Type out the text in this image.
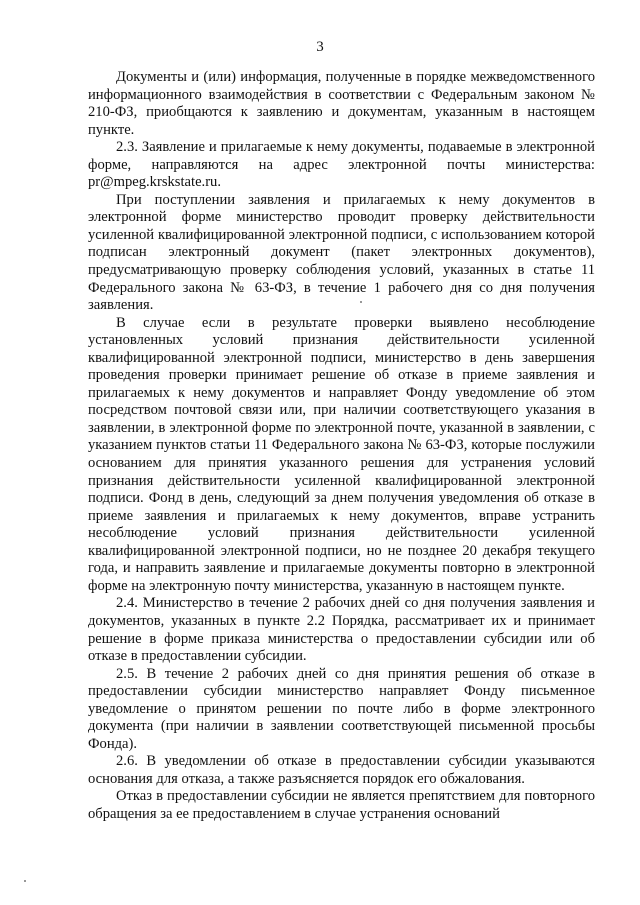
3

Документы и (или) информация, полученные в порядке межведомственного информационного взаимодействия в соответствии с Федеральным законом № 210-ФЗ, приобщаются к заявлению и документам, указанным в настоящем пункте.

2.3. Заявление и прилагаемые к нему документы, подаваемые в электронной форме, направляются на адрес электронной почты министерства: pr@mpeg.krskstate.ru.

При поступлении заявления и прилагаемых к нему документов в электронной форме министерство проводит проверку действительности усиленной квалифицированной электронной подписи, с использованием которой подписан электронный документ (пакет электронных документов), предусматривающую проверку соблюдения условий, указанных в статье 11 Федерального закона № 63-ФЗ, в течение 1 рабочего дня со дня получения заявления.

В случае если в результате проверки выявлено несоблюдение установленных условий признания действительности усиленной квалифицированной электронной подписи, министерство в день завершения проведения проверки принимает решение об отказе в приеме заявления и прилагаемых к нему документов и направляет Фонду уведомление об этом посредством почтовой связи или, при наличии соответствующего указания в заявлении, в электронной форме по электронной почте, указанной в заявлении, с указанием пунктов статьи 11 Федерального закона № 63-ФЗ, которые послужили основанием для принятия указанного решения для устранения условий признания действительности усиленной квалифицированной электронной подписи. Фонд в день, следующий за днем получения уведомления об отказе в приеме заявления и прилагаемых к нему документов, вправе устранить несоблюдение условий признания действительности усиленной квалифицированной электронной подписи, но не позднее 20 декабря текущего года, и направить заявление и прилагаемые документы повторно в электронной форме на электронную почту министерства, указанную в настоящем пункте.

2.4. Министерство в течение 2 рабочих дней со дня получения заявления и документов, указанных в пункте 2.2 Порядка, рассматривает их и принимает решение в форме приказа министерства о предоставлении субсидии или об отказе в предоставлении субсидии.

2.5. В течение 2 рабочих дней со дня принятия решения об отказе в предоставлении субсидии министерство направляет Фонду письменное уведомление о принятом решении по почте либо в форме электронного документа (при наличии в заявлении соответствующей письменной просьбы Фонда).

2.6. В уведомлении об отказе в предоставлении субсидии указываются основания для отказа, а также разъясняется порядок его обжалования.

Отказ в предоставлении субсидии не является препятствием для повторного обращения за ее предоставлением в случае устранения оснований
